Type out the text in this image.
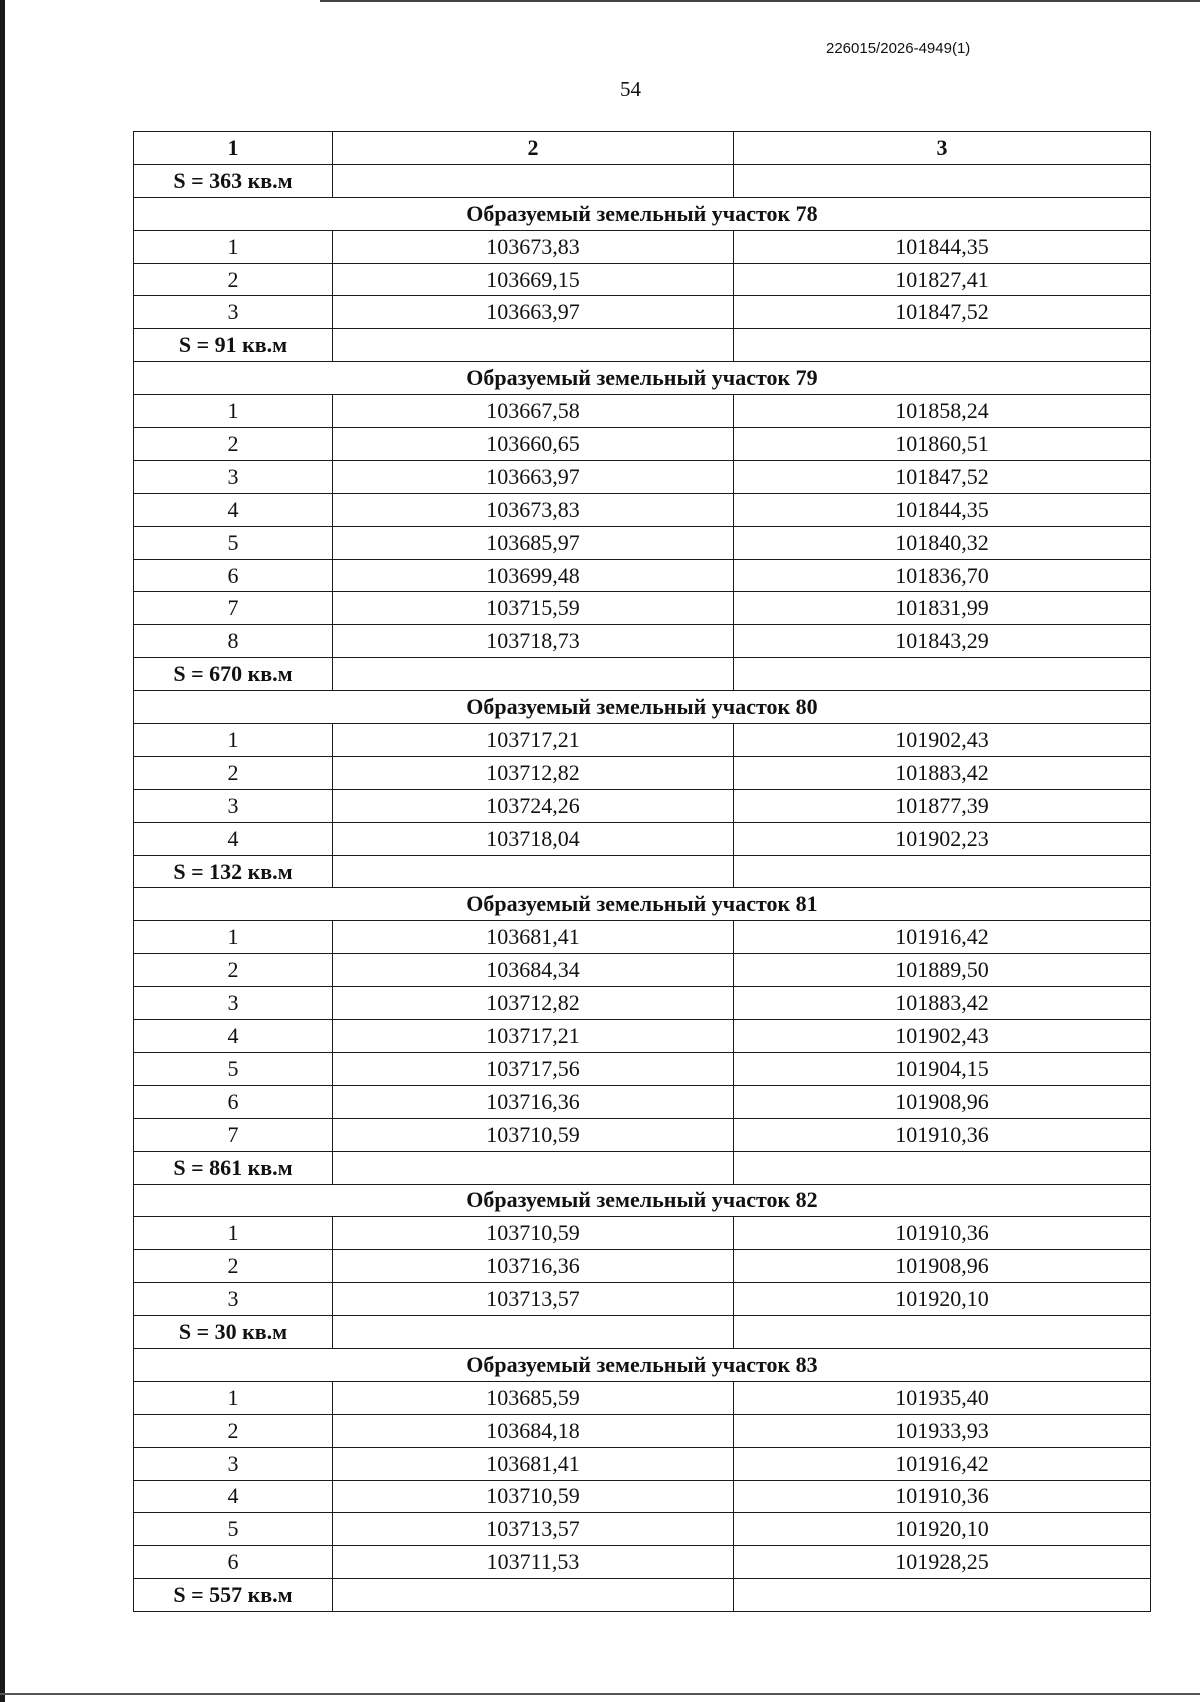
226015/2026-4949(1)
54
1	2	3
S = 363 кв.м		
Образуемый земельный участок 78		
1	103673,83	101844,35
2	103669,15	101827,41
3	103663,97	101847,52
S = 91 кв.м		
Образуемый земельный участок 79		
1	103667,58	101858,24
2	103660,65	101860,51
3	103663,97	101847,52
4	103673,83	101844,35
5	103685,97	101840,32
6	103699,48	101836,70
7	103715,59	101831,99
8	103718,73	101843,29
S = 670 кв.м		
Образуемый земельный участок 80		
1	103717,21	101902,43
2	103712,82	101883,42
3	103724,26	101877,39
4	103718,04	101902,23
S = 132 кв.м		
Образуемый земельный участок 81		
1	103681,41	101916,42
2	103684,34	101889,50
3	103712,82	101883,42
4	103717,21	101902,43
5	103717,56	101904,15
6	103716,36	101908,96
7	103710,59	101910,36
S = 861 кв.м		
Образуемый земельный участок 82		
1	103710,59	101910,36
2	103716,36	101908,96
3	103713,57	101920,10
S = 30 кв.м		
Образуемый земельный участок 83		
1	103685,59	101935,40
2	103684,18	101933,93
3	103681,41	101916,42
4	103710,59	101910,36
5	103713,57	101920,10
6	103711,53	101928,25
S = 557 кв.м		
